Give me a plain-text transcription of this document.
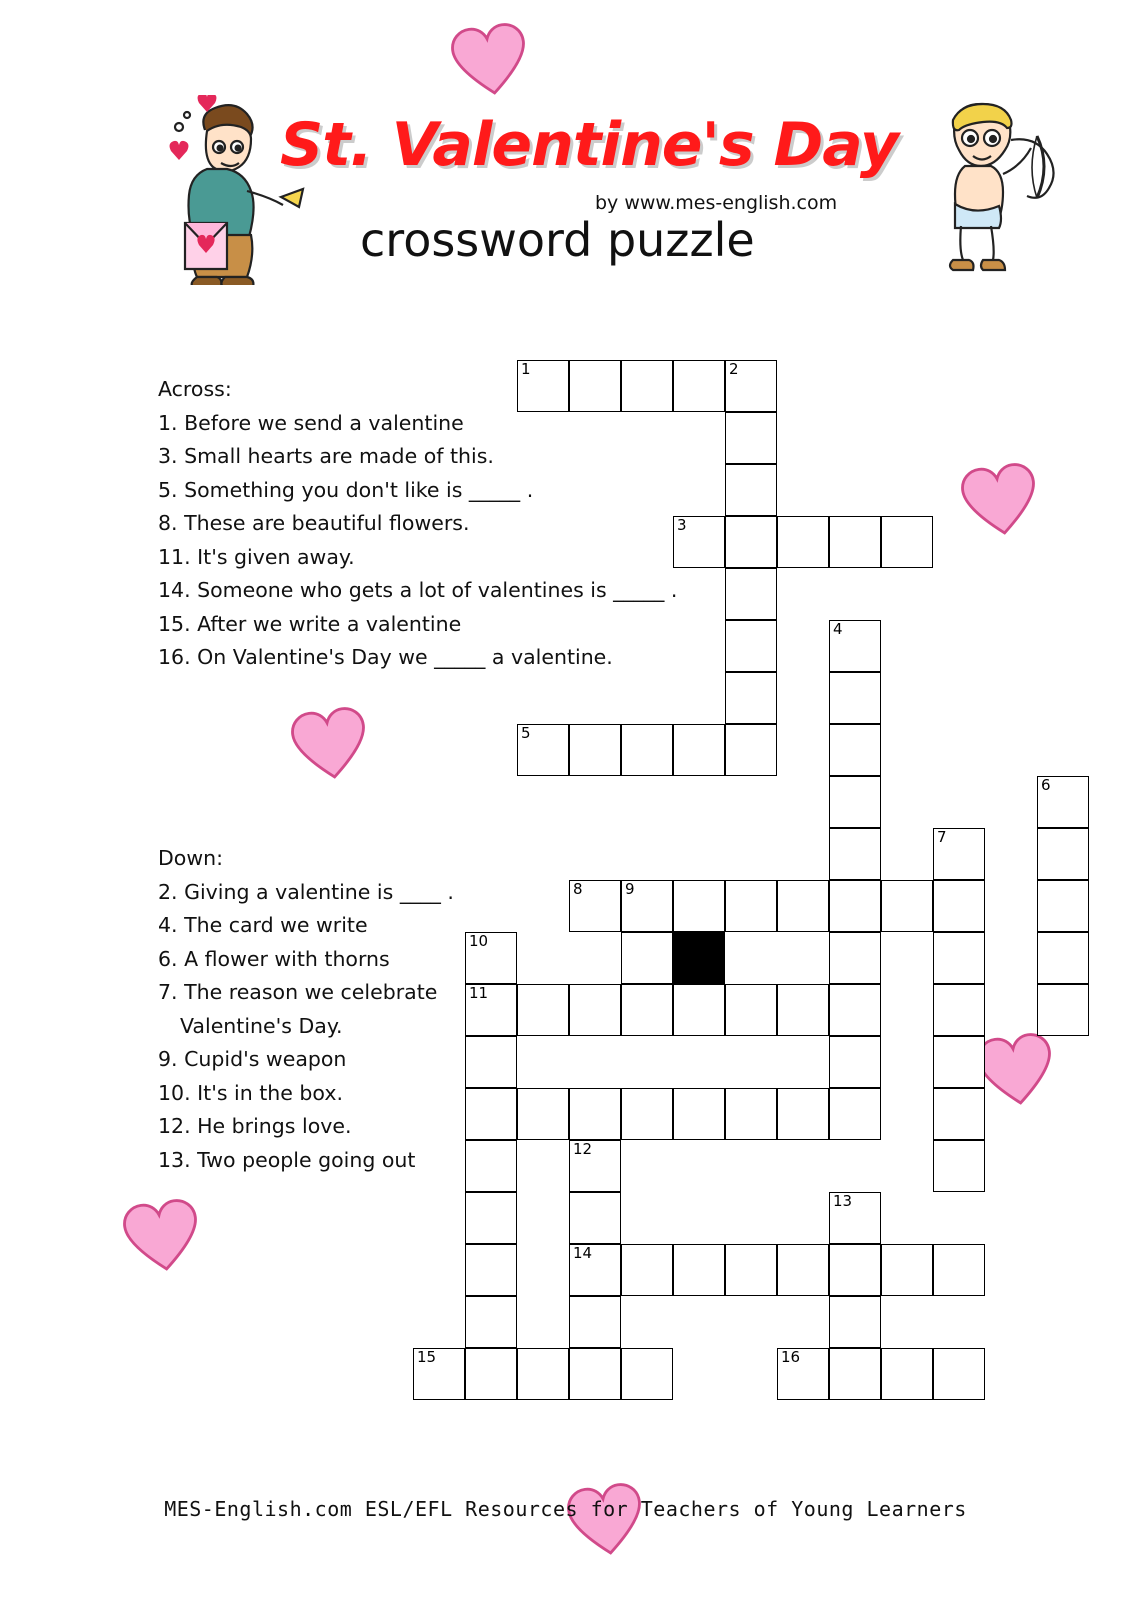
St. Valentine's Day
by www.mes-english.com
crossword puzzle
Across:
1. Before we send a valentine
3. Small hearts are made of this.
5. Something you don't like is _____ .
8. These are beautiful flowers.
11. It's given away.
14. Someone who gets a lot of valentines is _____ .
15. After we write a valentine
16. On Valentine's Day we _____ a valentine.
Down:
2. Giving a valentine is ____ .
4. The card we write
6. A flower with thorns
7. The reason we celebrate
Valentine's Day.
9. Cupid's weapon
10. It's in the box.
12. He brings love.
13. Two people going out
1	2
3
4
5
6
7
8	9
10
11
12
13
14
15	16
MES-English.com ESL/EFL Resources for Teachers of Young Learners
